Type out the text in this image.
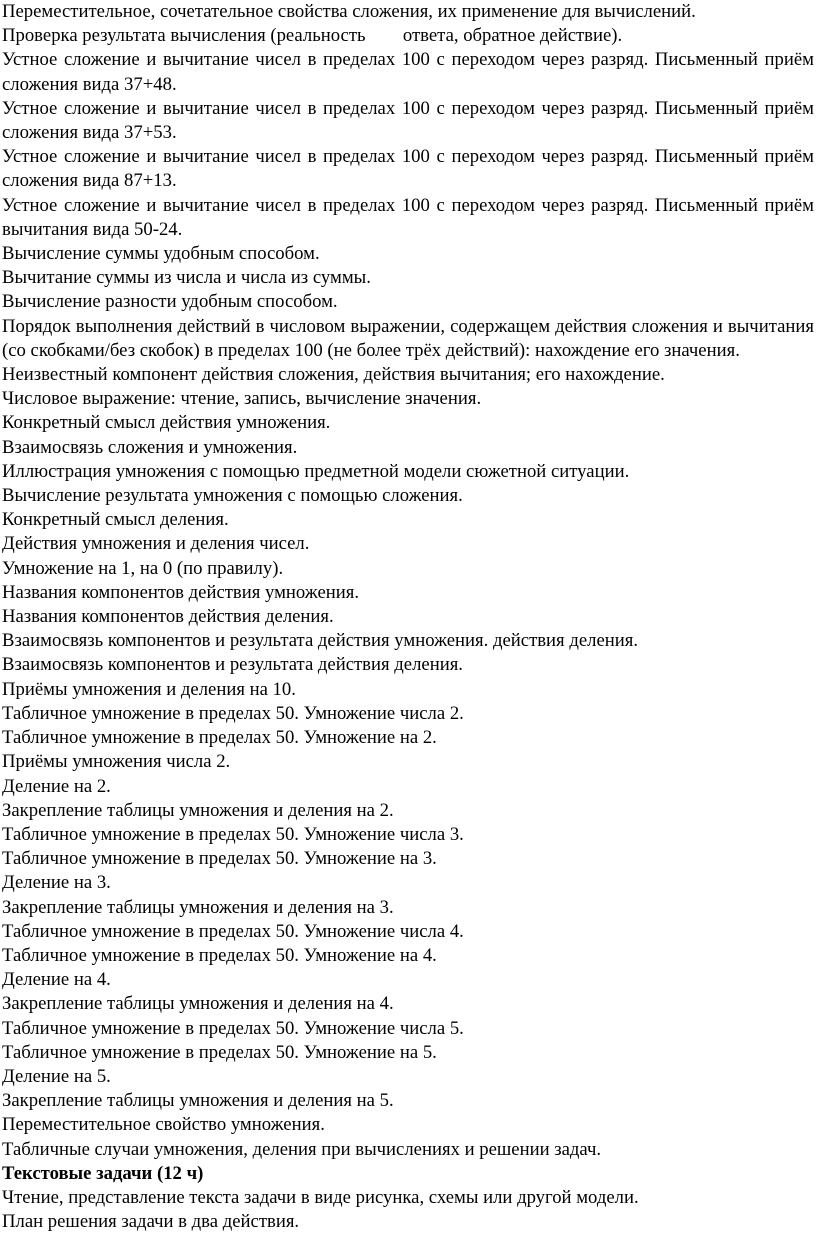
Переместительное, сочетательное свойства сложения, их применение для вычислений.
Проверка результата вычисления (реальность        ответа, обратное действие).
Устное сложение и вычитание чисел в пределах 100 с переходом через разряд. Письменный приём сложения вида 37+48.
Устное сложение и вычитание чисел в пределах 100 с переходом через разряд. Письменный приём сложения вида 37+53.
Устное сложение и вычитание чисел в пределах 100 с переходом через разряд. Письменный приём сложения вида 87+13.
Устное сложение и вычитание чисел в пределах 100 с переходом через разряд. Письменный приём вычитания вида 50-24.
Вычисление суммы удобным способом.
Вычитание суммы из числа и числа из суммы.
Вычисление разности удобным способом.
Порядок выполнения действий в числовом выражении, содержащем действия сложения и вычитания (со скобками/без скобок) в пределах 100 (не более трёх действий): нахождение его значения.
Неизвестный компонент действия сложения, действия вычитания; его нахождение.
Числовое выражение: чтение, запись, вычисление значения.
Конкретный смысл действия умножения.
Взаимосвязь сложения и умножения.
Иллюстрация умножения с помощью предметной модели сюжетной ситуации.
Вычисление результата умножения с помощью сложения.
Конкретный смысл деления.
Действия умножения и деления чисел.
Умножение на 1, на 0 (по правилу).
Названия компонентов действия умножения.
Названия компонентов действия деления.
Взаимосвязь компонентов и результата действия умножения. действия деления.
Взаимосвязь компонентов и результата действия деления.
Приёмы умножения и деления на 10.
Табличное умножение в пределах 50. Умножение числа 2.
Табличное умножение в пределах 50. Умножение на 2.
Приёмы умножения числа 2.
Деление на 2.
Закрепление таблицы умножения и деления на 2.
Табличное умножение в пределах 50. Умножение числа 3.
Табличное умножение в пределах 50. Умножение на 3.
Деление на 3.
Закрепление таблицы умножения и деления на 3.
Табличное умножение в пределах 50. Умножение числа 4.
Табличное умножение в пределах 50. Умножение на 4.
Деление на 4.
Закрепление таблицы умножения и деления на 4.
Табличное умножение в пределах 50. Умножение числа 5.
Табличное умножение в пределах 50. Умножение на 5.
Деление на 5.
Закрепление таблицы умножения и деления на 5.
Переместительное свойство умножения.
Табличные случаи умножения, деления при вычислениях и решении задач.
Текстовые задачи (12 ч)
Чтение, представление текста задачи в виде рисунка, схемы или другой модели.
План решения задачи в два действия.
